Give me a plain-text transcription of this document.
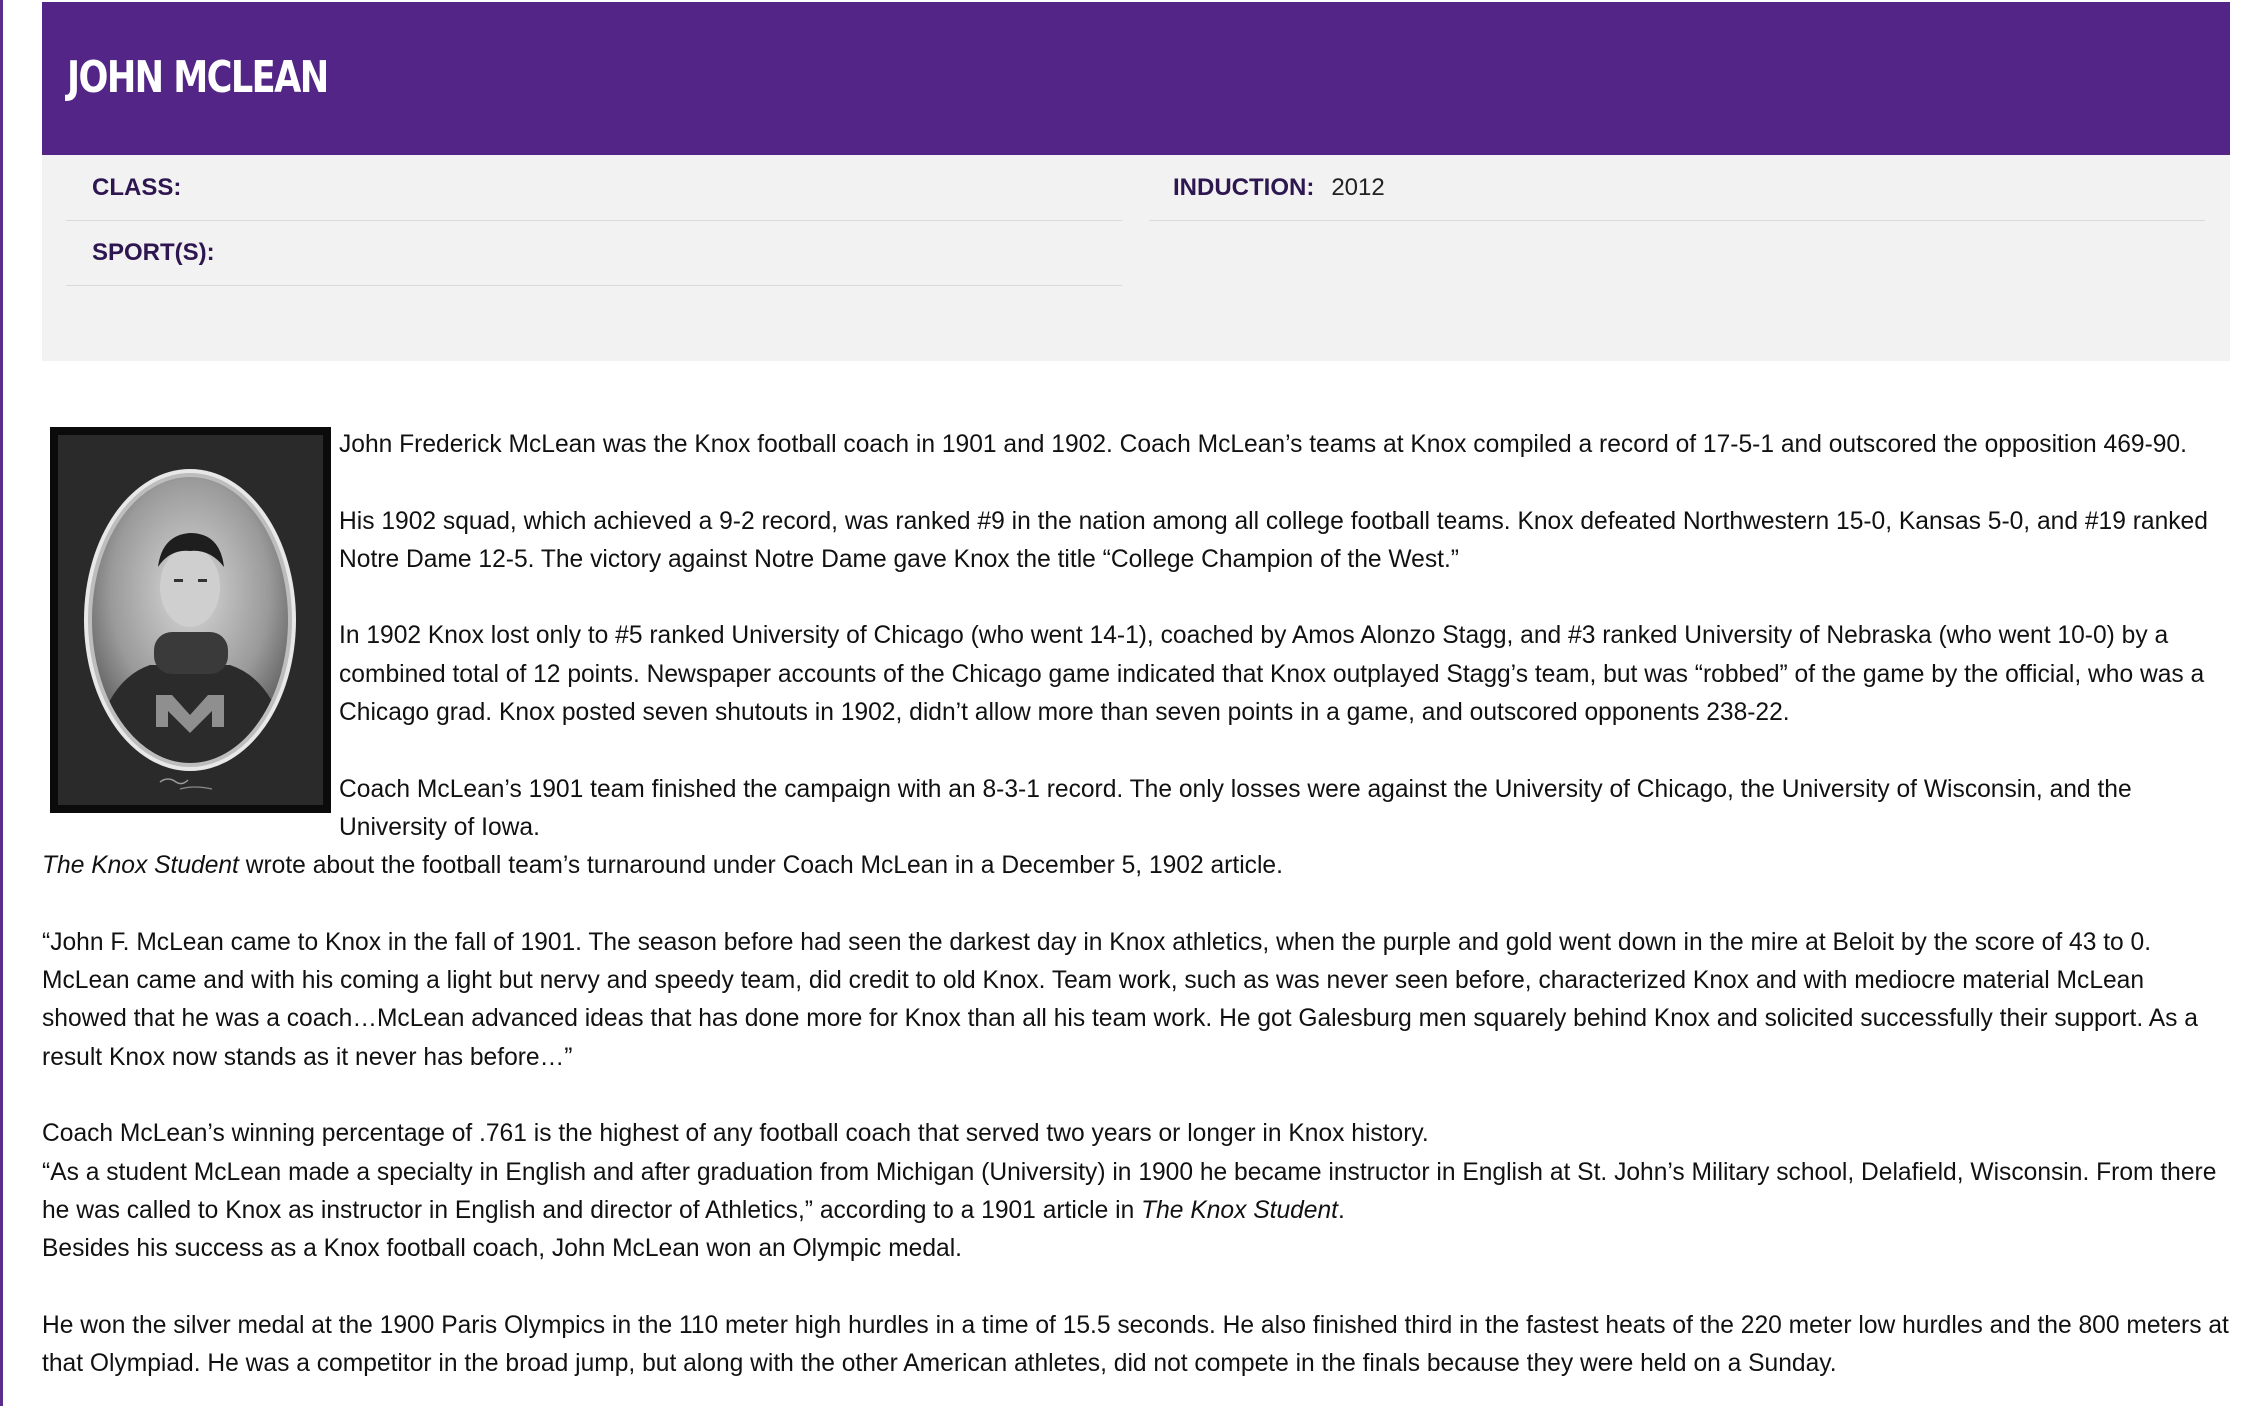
JOHN MCLEAN
CLASS:
SPORT(S):
INDUCTION: 2012

John Frederick McLean was the Knox football coach in 1901 and 1902. Coach McLean’s teams at Knox compiled a record of 17-5-1 and outscored the opposition 469-90.

His 1902 squad, which achieved a 9-2 record, was ranked #9 in the nation among all college football teams. Knox defeated Northwestern 15-0, Kansas 5-0, and #19 ranked Notre Dame 12-5. The victory against Notre Dame gave Knox the title “College Champion of the West.”

In 1902 Knox lost only to #5 ranked University of Chicago (who went 14-1), coached by Amos Alonzo Stagg, and #3 ranked University of Nebraska (who went 10-0) by a combined total of 12 points. Newspaper accounts of the Chicago game indicated that Knox outplayed Stagg’s team, but was “robbed” of the game by the official, who was a Chicago grad. Knox posted seven shutouts in 1902, didn’t allow more than seven points in a game, and outscored opponents 238-22.

Coach McLean’s 1901 team finished the campaign with an 8-3-1 record. The only losses were against the University of Chicago, the University of Wisconsin, and the University of Iowa.

The Knox Student wrote about the football team’s turnaround under Coach McLean in a December 5, 1902 article.

“John F. McLean came to Knox in the fall of 1901. The season before had seen the darkest day in Knox athletics, when the purple and gold went down in the mire at Beloit by the score of 43 to 0. McLean came and with his coming a light but nervy and speedy team, did credit to old Knox. Team work, such as was never seen before, characterized Knox and with mediocre material McLean showed that he was a coach…McLean advanced ideas that has done more for Knox than all his team work. He got Galesburg men squarely behind Knox and solicited successfully their support. As a result Knox now stands as it never has before…”

Coach McLean’s winning percentage of .761 is the highest of any football coach that served two years or longer in Knox history.

“As a student McLean made a specialty in English and after graduation from Michigan (University) in 1900 he became instructor in English at St. John’s Military school, Delafield, Wisconsin. From there he was called to Knox as instructor in English and director of Athletics,” according to a 1901 article in The Knox Student.

Besides his success as a Knox football coach, John McLean won an Olympic medal.

He won the silver medal at the 1900 Paris Olympics in the 110 meter high hurdles in a time of 15.5 seconds. He also finished third in the fastest heats of the 220 meter low hurdles and the 800 meters at that Olympiad. He was a competitor in the broad jump, but along with the other American athletes, did not compete in the finals because they were held on a Sunday.
